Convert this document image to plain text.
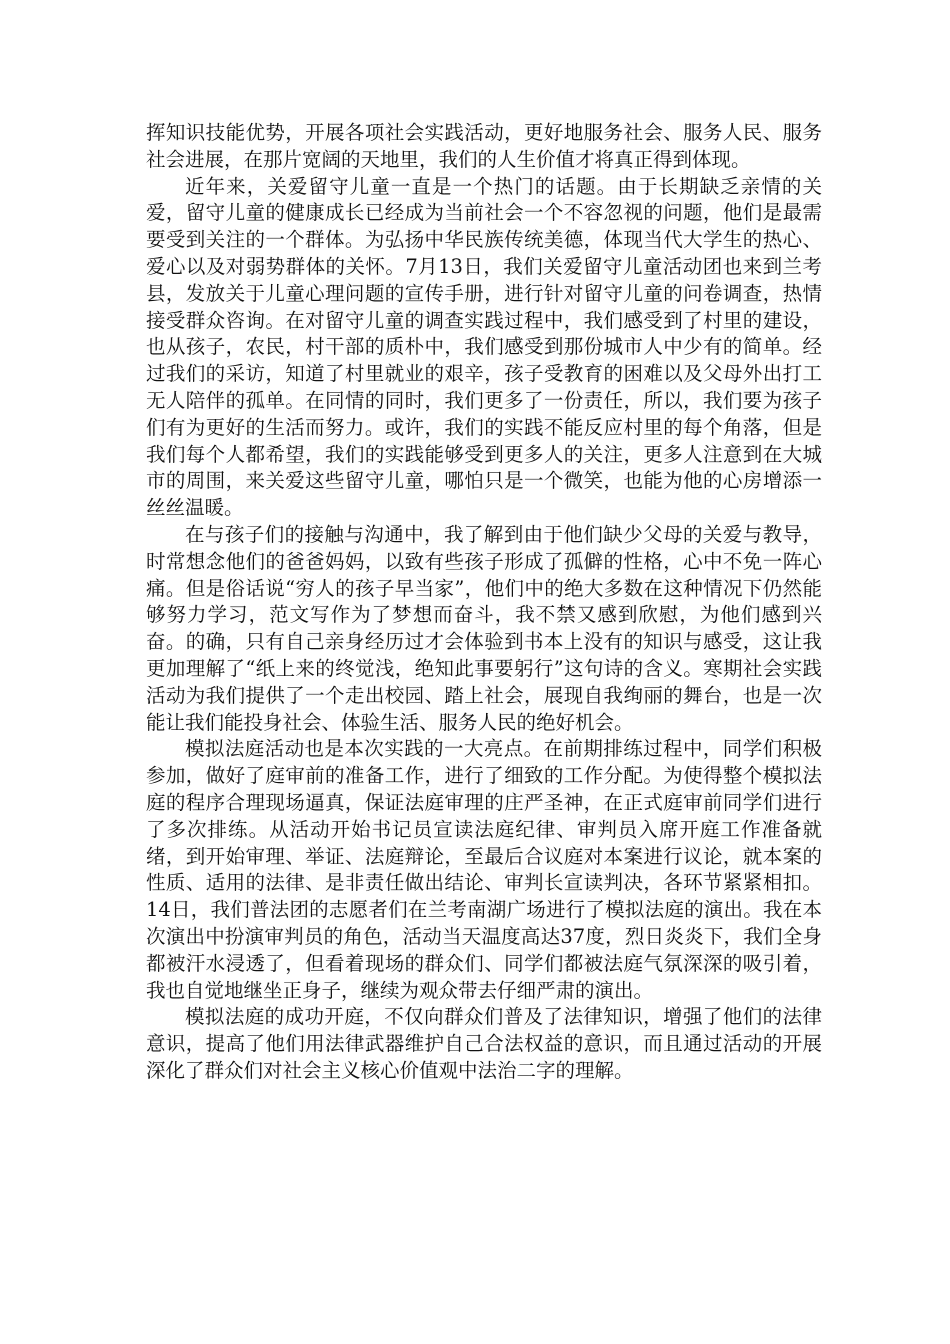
挥知识技能优势，开展各项社会实践活动，更好地服务社会、服务人民、服务社会进展，在那片宽阔的天地里，我们的人生价值才将真正得到体现。

近年来，关爱留守儿童一直是一个热门的话题。由于长期缺乏亲情的关爱，留守儿童的健康成长已经成为当前社会一个不容忽视的问题，他们是最需要受到关注的一个群体。为弘扬中华民族传统美德，体现当代大学生的热心、爱心以及对弱势群体的关怀。7月13日，我们关爱留守儿童活动团也来到兰考县，发放关于儿童心理问题的宣传手册，进行针对留守儿童的问卷调查，热情接受群众咨询。在对留守儿童的调查实践过程中，我们感受到了村里的建设，也从孩子，农民，村干部的质朴中，我们感受到那份城市人中少有的简单。经过我们的采访，知道了村里就业的艰辛，孩子受教育的困难以及父母外出打工无人陪伴的孤单。在同情的同时，我们更多了一份责任，所以，我们要为孩子们有为更好的生活而努力。或许，我们的实践不能反应村里的每个角落，但是我们每个人都希望，我们的实践能够受到更多人的关注，更多人注意到在大城市的周围，来关爱这些留守儿童，哪怕只是一个微笑，也能为他的心房增添一丝丝温暖。

在与孩子们的接触与沟通中，我了解到由于他们缺少父母的关爱与教导，时常想念他们的爸爸妈妈，以致有些孩子形成了孤僻的性格，心中不免一阵心痛。但是俗话说“穷人的孩子早当家”，他们中的绝大多数在这种情况下仍然能够努力学习，范文写作为了梦想而奋斗，我不禁又感到欣慰，为他们感到兴奋。的确，只有自己亲身经历过才会体验到书本上没有的知识与感受，这让我更加理解了“纸上来的终觉浅，绝知此事要躬行”这句诗的含义。寒期社会实践活动为我们提供了一个走出校园、踏上社会，展现自我绚丽的舞台，也是一次能让我们能投身社会、体验生活、服务人民的绝好机会。

模拟法庭活动也是本次实践的一大亮点。在前期排练过程中，同学们积极参加，做好了庭审前的准备工作，进行了细致的工作分配。为使得整个模拟法庭的程序合理现场逼真，保证法庭审理的庄严圣神，在正式庭审前同学们进行了多次排练。从活动开始书记员宣读法庭纪律、审判员入席开庭工作准备就绪，到开始审理、举证、法庭辩论，至最后合议庭对本案进行议论，就本案的性质、适用的法律、是非责任做出结论、审判长宣读判决，各环节紧紧相扣。14日，我们普法团的志愿者们在兰考南湖广场进行了模拟法庭的演出。我在本次演出中扮演审判员的角色，活动当天温度高达37度，烈日炎炎下，我们全身都被汗水浸透了，但看着现场的群众们、同学们都被法庭气氛深深的吸引着，我也自觉地继坐正身子，继续为观众带去仔细严肃的演出。

模拟法庭的成功开庭，不仅向群众们普及了法律知识，增强了他们的法律意识，提高了他们用法律武器维护自己合法权益的意识，而且通过活动的开展深化了群众们对社会主义核心价值观中法治二字的理解。
